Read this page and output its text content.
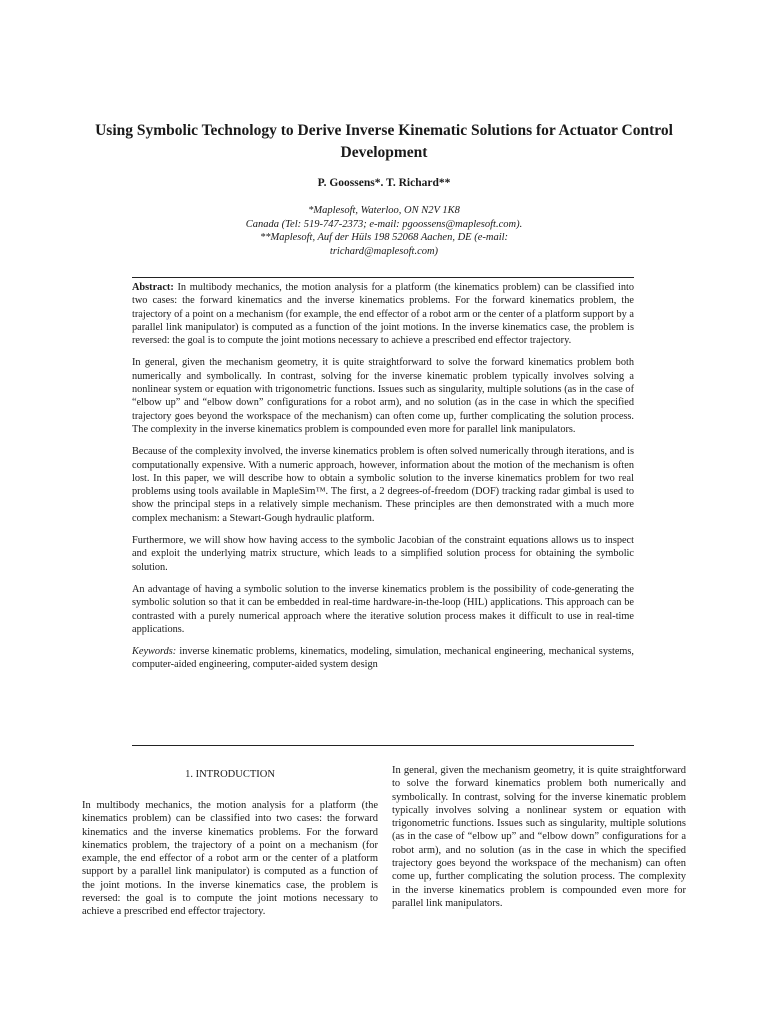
Using Symbolic Technology to Derive Inverse Kinematic Solutions for Actuator Control Development

P. Goossens*. T. Richard**

*Maplesoft, Waterloo, ON N2V 1K8
Canada (Tel: 519-747-2373; e-mail: pgoossens@maplesoft.com).
**Maplesoft, Auf der Hüls 198 52068 Aachen, DE (e-mail:
trichard@maplesoft.com)

Abstract: In multibody mechanics, the motion analysis for a platform (the kinematics problem) can be classified into two cases: the forward kinematics and the inverse kinematics problems. For the forward kinematics problem, the trajectory of a point on a mechanism (for example, the end effector of a robot arm or the center of a platform support by a parallel link manipulator) is computed as a function of the joint motions. In the inverse kinematics case, the problem is reversed: the goal is to compute the joint motions necessary to achieve a prescribed end effector trajectory.

In general, given the mechanism geometry, it is quite straightforward to solve the forward kinematics problem both numerically and symbolically. In contrast, solving for the inverse kinematic problem typically involves solving a nonlinear system or equation with trigonometric functions. Issues such as singularity, multiple solutions (as in the case of “elbow up” and “elbow down” configurations for a robot arm), and no solution (as in the case in which the specified trajectory goes beyond the workspace of the mechanism) can often come up, further complicating the solution process. The complexity in the inverse kinematics problem is compounded even more for parallel link manipulators.

Because of the complexity involved, the inverse kinematics problem is often solved numerically through iterations, and is computationally expensive. With a numeric approach, however, information about the motion of the mechanism is often lost. In this paper, we will describe how to obtain a symbolic solution to the inverse kinematics problem for two real problems using tools available in MapleSim™. The first, a 2 degrees-of-freedom (DOF) tracking radar gimbal is used to show the principal steps in a relatively simple mechanism. These principles are then demonstrated with a much more complex mechanism: a Stewart-Gough hydraulic platform.

Furthermore, we will show how having access to the symbolic Jacobian of the constraint equations allows us to inspect and exploit the underlying matrix structure, which leads to a simplified solution process for obtaining the symbolic solution.

An advantage of having a symbolic solution to the inverse kinematics problem is the possibility of code-generating the symbolic solution so that it can be embedded in real-time hardware-in-the-loop (HIL) applications. This approach can be contrasted with a purely numerical approach where the iterative solution process makes it difficult to use in real-time applications.

Keywords: inverse kinematic problems, kinematics, modeling, simulation, mechanical engineering, mechanical systems, computer-aided engineering, computer-aided system design

1. INTRODUCTION

In multibody mechanics, the motion analysis for a platform (the kinematics problem) can be classified into two cases: the forward kinematics and the inverse kinematics problems. For the forward kinematics problem, the trajectory of a point on a mechanism (for example, the end effector of a robot arm or the center of a platform support by a parallel link manipulator) is computed as a function of the joint motions. In the inverse kinematics case, the problem is reversed: the goal is to compute the joint motions necessary to achieve a prescribed end effector trajectory.

In general, given the mechanism geometry, it is quite straightforward to solve the forward kinematics problem both numerically and symbolically. In contrast, solving for the inverse kinematic problem typically involves solving a nonlinear system or equation with trigonometric functions. Issues such as singularity, multiple solutions (as in the case of “elbow up” and “elbow down” configurations for a robot arm), and no solution (as in the case in which the specified trajectory goes beyond the workspace of the mechanism) can often come up, further complicating the solution process. The complexity in the inverse kinematics problem is compounded even more for parallel link manipulators.
